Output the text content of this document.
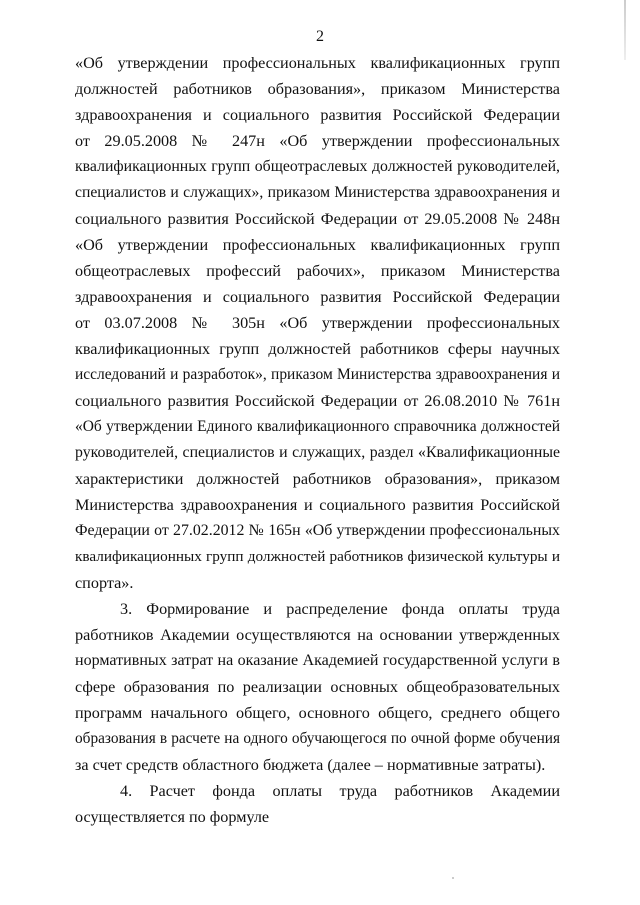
2
«Об утверждении профессиональных квалификационных групп
должностей работников образования», приказом Министерства
здравоохранения и социального развития Российской Федерации
от 29.05.2008 № 247н «Об утверждении профессиональных
квалификационных групп общеотраслевых должностей руководителей,
специалистов и служащих», приказом Министерства здравоохранения и
социального развития Российской Федерации от 29.05.2008 № 248н
«Об утверждении профессиональных квалификационных групп
общеотраслевых профессий рабочих», приказом Министерства
здравоохранения и социального развития Российской Федерации
от 03.07.2008 № 305н «Об утверждении профессиональных
квалификационных групп должностей работников сферы научных
исследований и разработок», приказом Министерства здравоохранения и
социального развития Российской Федерации от 26.08.2010 № 761н
«Об утверждении Единого квалификационного справочника должностей
руководителей, специалистов и служащих, раздел «Квалификационные
характеристики должностей работников образования», приказом
Министерства здравоохранения и социального развития Российской
Федерации от 27.02.2012 № 165н «Об утверждении профессиональных
квалификационных групп должностей работников физической культуры и
спорта».
3. Формирование и распределение фонда оплаты труда
работников Академии осуществляются на основании утвержденных
нормативных затрат на оказание Академией государственной услуги в
сфере образования по реализации основных общеобразовательных
программ начального общего, основного общего, среднего общего
образования в расчете на одного обучающегося по очной форме обучения
за счет средств областного бюджета (далее – нормативные затраты).
4. Расчет фонда оплаты труда работников Академии
осуществляется по формуле
